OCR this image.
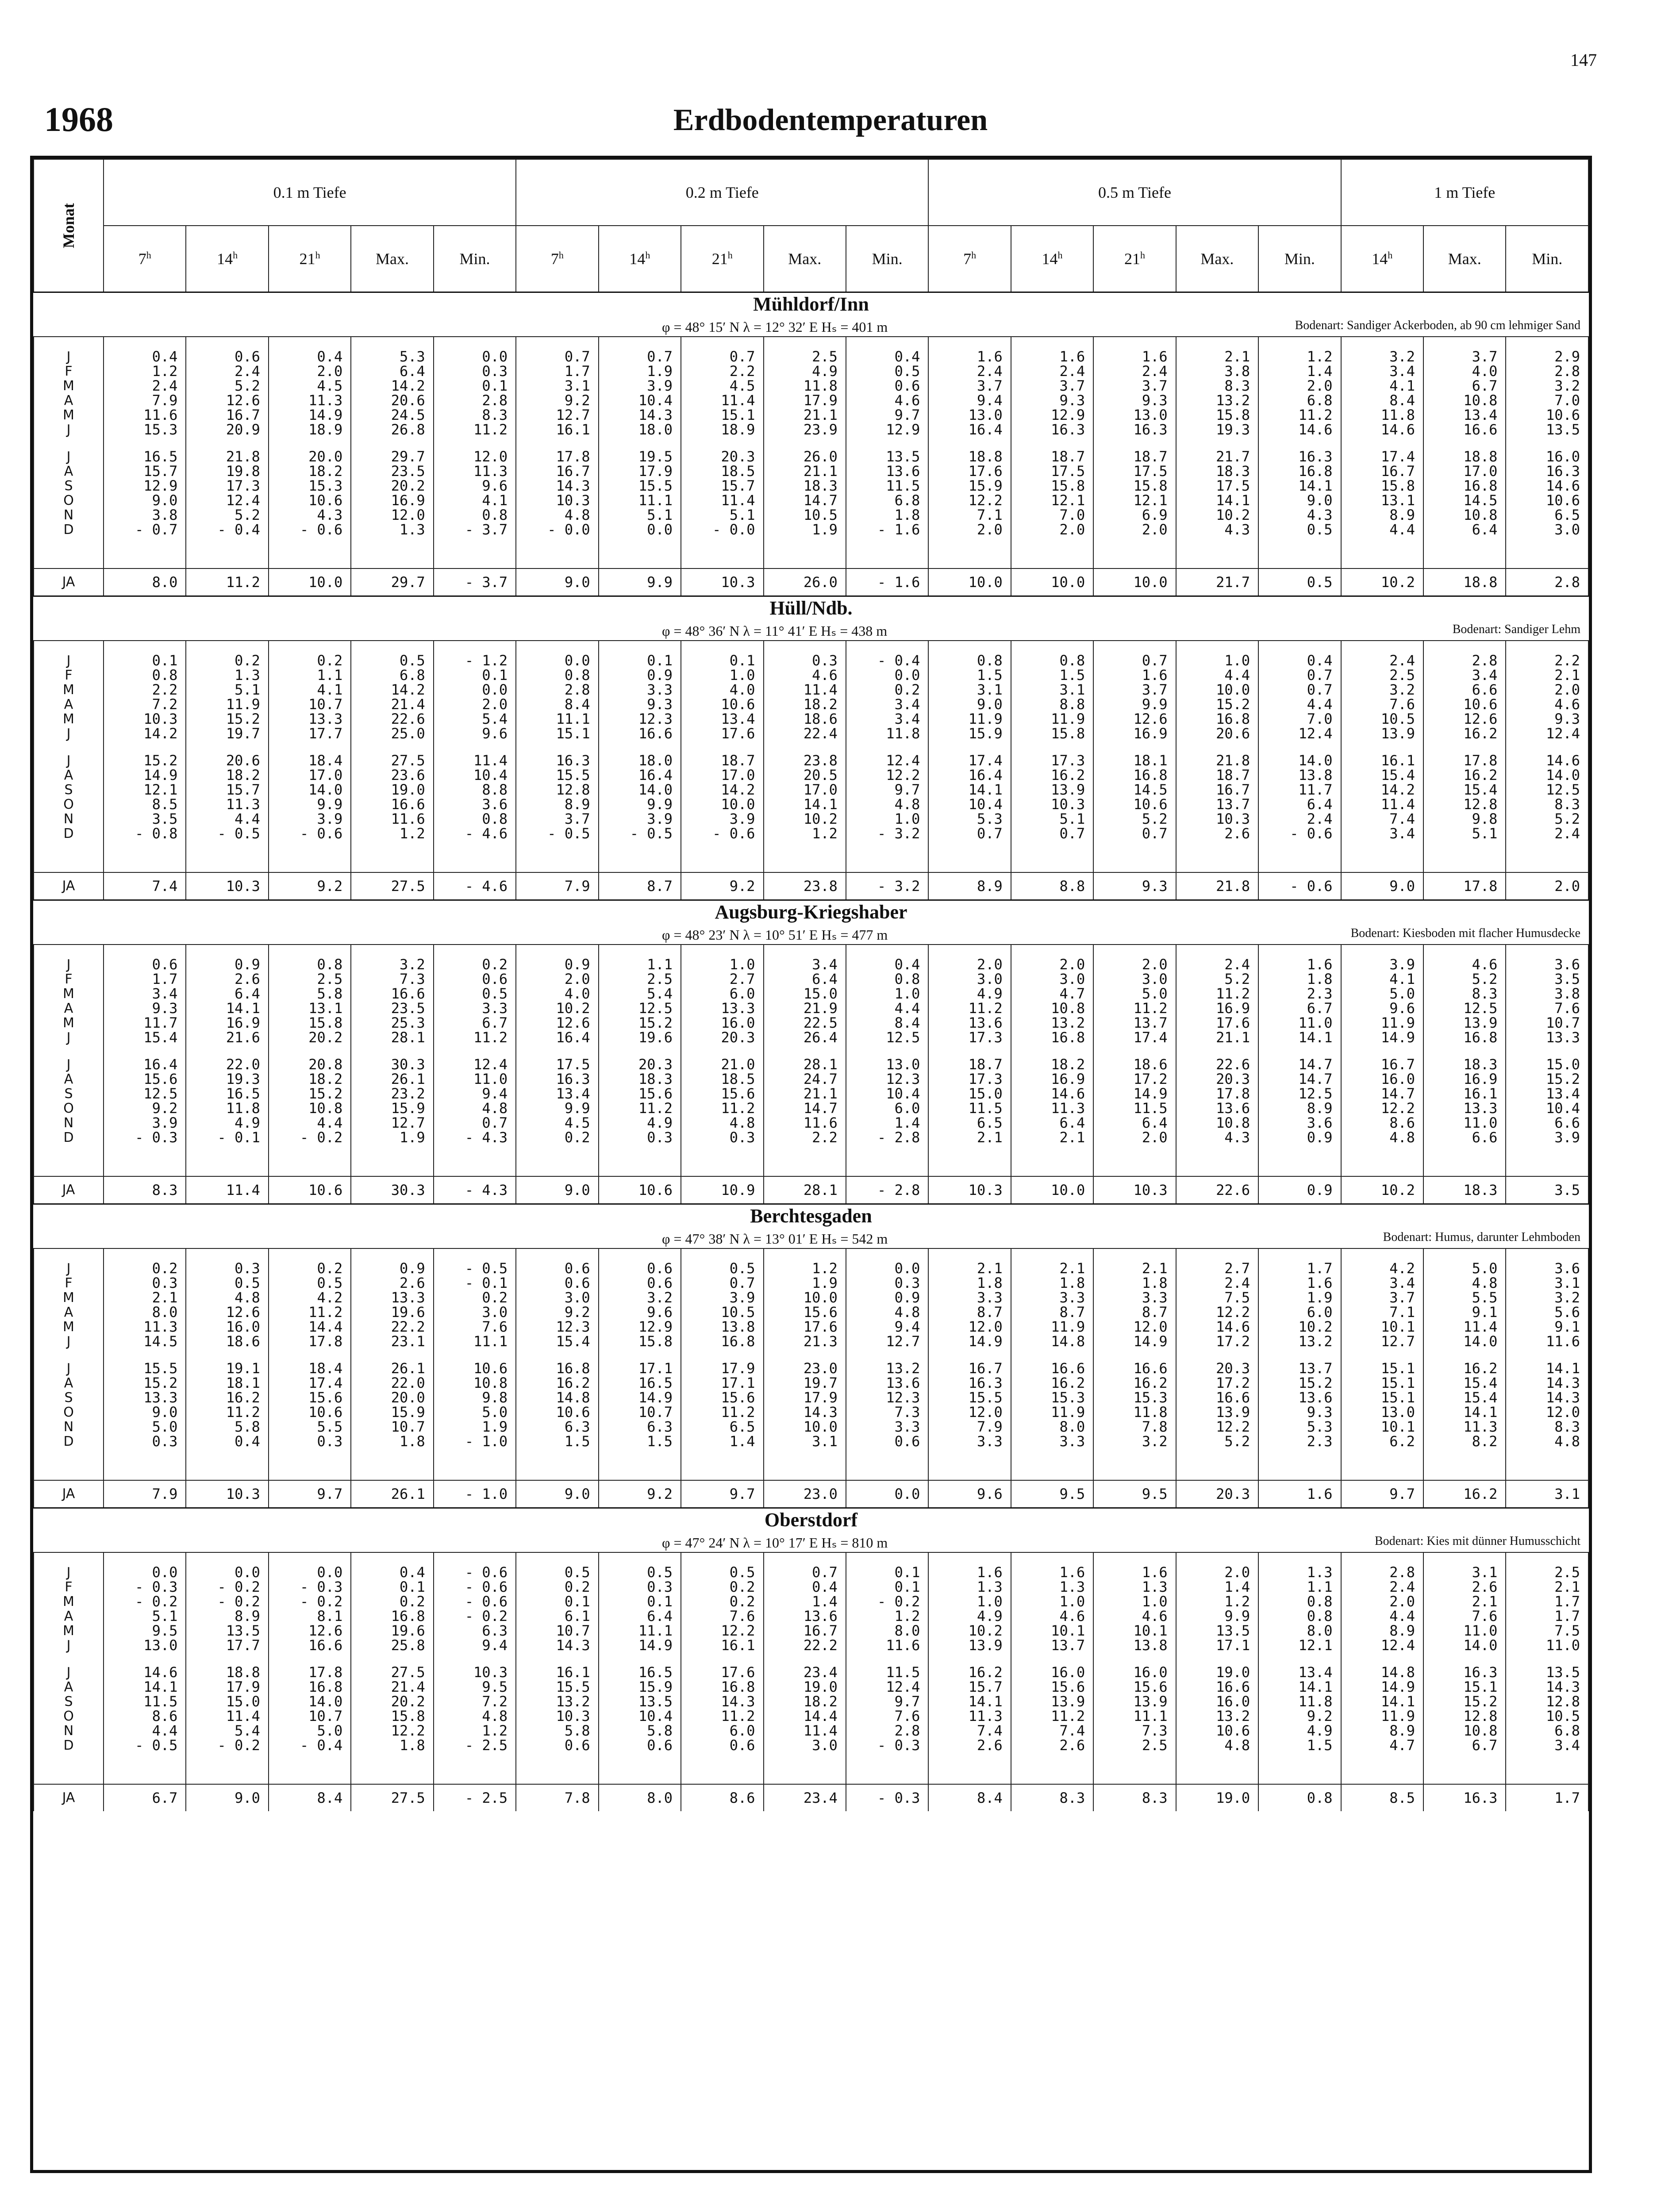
147
1968	Erdbodentemperaturen
Monat	0.1 m Tiefe					0.2 m Tiefe					0.5 m Tiefe					1 m Tiefe		
	7$^h$	14$^h$	21$^h$	Max.	Min.	7$^h$	14$^h$	21$^h$	Max.	Min.	7$^h$	14$^h$	21$^h$	Max.	Min.	14$^h$	Max.	Min.
Mühldorf/Inn																		

φ = 48° 15′ N λ = 12° 32′ E Hₛ = 401 m Bodenart: Sandiger Ackerboden, ab 90 cm lehmiger Sand																		

J	0.4	0.6	0.4	5.3	0.0	0.7	0.7	0.7	2.5	0.4	1.6	1.6	1.6	2.1	1.2	3.2	3.7	2.9
F	1.2	2.4	2.0	6.4	0.3	1.7	1.9	2.2	4.9	0.5	2.4	2.4	2.4	3.8	1.4	3.4	4.0	2.8
M	2.4	5.2	4.5	14.2	0.1	3.1	3.9	4.5	11.8	0.6	3.7	3.7	3.7	8.3	2.0	4.1	6.7	3.2
A	7.9	12.6	11.3	20.6	2.8	9.2	10.4	11.4	17.9	4.6	9.4	9.3	9.3	13.2	6.8	8.4	10.8	7.0
M	11.6	16.7	14.9	24.5	8.3	12.7	14.3	15.1	21.1	9.7	13.0	12.9	13.0	15.8	11.2	11.8	13.4	10.6
J	15.3	20.9	18.9	26.8	11.2	16.1	18.0	18.9	23.9	12.9	16.4	16.3	16.3	19.3	14.6	14.6	16.6	13.5

J	16.5	21.8	20.0	29.7	12.0	17.8	19.5	20.3	26.0	13.5	18.8	18.7	18.7	21.7	16.3	17.4	18.8	16.0
A	15.7	19.8	18.2	23.5	11.3	16.7	17.9	18.5	21.1	13.6	17.6	17.5	17.5	18.3	16.8	16.7	17.0	16.3
S	12.9	17.3	15.3	20.2	9.6	14.3	15.5	15.7	18.3	11.5	15.9	15.8	15.8	17.5	14.1	15.8	16.8	14.6
O	9.0	12.4	10.6	16.9	4.1	10.3	11.1	11.4	14.7	6.8	12.2	12.1	12.1	14.1	9.0	13.1	14.5	10.6
N	3.8	5.2	4.3	12.0	0.8	4.8	5.1	5.1	10.5	1.8	7.1	7.0	6.9	10.2	4.3	8.9	10.8	6.5
D	- 0.7	- 0.4	- 0.6	1.3	- 3.7	- 0.0	0.0	- 0.0	1.9	- 1.6	2.0	2.0	2.0	4.3	0.5	4.4	6.4	3.0

JA	8.0	11.2	10.0	29.7	- 3.7	9.0	9.9	10.3	26.0	- 1.6	10.0	10.0	10.0	21.7	0.5	10.2	18.8	2.8
Hüll/Ndb.																		

φ = 48° 36′ N λ = 11° 41′ E Hₛ = 438 m Bodenart: Sandiger Lehm																		

J	0.1	0.2	0.2	0.5	- 1.2	0.0	0.1	0.1	0.3	- 0.4	0.8	0.8	0.7	1.0	0.4	2.4	2.8	2.2
F	0.8	1.3	1.1	6.8	0.1	0.8	0.9	1.0	4.6	0.0	1.5	1.5	1.6	4.4	0.7	2.5	3.4	2.1
M	2.2	5.1	4.1	14.2	0.0	2.8	3.3	4.0	11.4	0.2	3.1	3.1	3.7	10.0	0.7	3.2	6.6	2.0
A	7.2	11.9	10.7	21.4	2.0	8.4	9.3	10.6	18.2	3.4	9.0	8.8	9.9	15.2	4.4	7.6	10.6	4.6
M	10.3	15.2	13.3	22.6	5.4	11.1	12.3	13.4	18.6	3.4	11.9	11.9	12.6	16.8	7.0	10.5	12.6	9.3
J	14.2	19.7	17.7	25.0	9.6	15.1	16.6	17.6	22.4	11.8	15.9	15.8	16.9	20.6	12.4	13.9	16.2	12.4

J	15.2	20.6	18.4	27.5	11.4	16.3	18.0	18.7	23.8	12.4	17.4	17.3	18.1	21.8	14.0	16.1	17.8	14.6
A	14.9	18.2	17.0	23.6	10.4	15.5	16.4	17.0	20.5	12.2	16.4	16.2	16.8	18.7	13.8	15.4	16.2	14.0
S	12.1	15.7	14.0	19.0	8.8	12.8	14.0	14.2	17.0	9.7	14.1	13.9	14.5	16.7	11.7	14.2	15.4	12.5
O	8.5	11.3	9.9	16.6	3.6	8.9	9.9	10.0	14.1	4.8	10.4	10.3	10.6	13.7	6.4	11.4	12.8	8.3
N	3.5	4.4	3.9	11.6	0.8	3.7	3.9	3.9	10.2	1.0	5.3	5.1	5.2	10.3	2.4	7.4	9.8	5.2
D	- 0.8	- 0.5	- 0.6	1.2	- 4.6	- 0.5	- 0.5	- 0.6	1.2	- 3.2	0.7	0.7	0.7	2.6	- 0.6	3.4	5.1	2.4

JA	7.4	10.3	9.2	27.5	- 4.6	7.9	8.7	9.2	23.8	- 3.2	8.9	8.8	9.3	21.8	- 0.6	9.0	17.8	2.0
Augsburg-Kriegshaber																		

φ = 48° 23′ N λ = 10° 51′ E Hₛ = 477 m Bodenart: Kiesboden mit flacher Humusdecke																		

J	0.6	0.9	0.8	3.2	0.2	0.9	1.1	1.0	3.4	0.4	2.0	2.0	2.0	2.4	1.6	3.9	4.6	3.6
F	1.7	2.6	2.5	7.3	0.6	2.0	2.5	2.7	6.4	0.8	3.0	3.0	3.0	5.2	1.8	4.1	5.2	3.5
M	3.4	6.4	5.8	16.6	0.5	4.0	5.4	6.0	15.0	1.0	4.9	4.7	5.0	11.2	2.3	5.0	8.3	3.8
A	9.3	14.1	13.1	23.5	3.3	10.2	12.5	13.3	21.9	4.4	11.2	10.8	11.2	16.9	6.7	9.6	12.5	7.6
M	11.7	16.9	15.8	25.3	6.7	12.6	15.2	16.0	22.5	8.4	13.6	13.2	13.7	17.6	11.0	11.9	13.9	10.7
J	15.4	21.6	20.2	28.1	11.2	16.4	19.6	20.3	26.4	12.5	17.3	16.8	17.4	21.1	14.1	14.9	16.8	13.3

J	16.4	22.0	20.8	30.3	12.4	17.5	20.3	21.0	28.1	13.0	18.7	18.2	18.6	22.6	14.7	16.7	18.3	15.0
A	15.6	19.3	18.2	26.1	11.0	16.3	18.3	18.5	24.7	12.3	17.3	16.9	17.2	20.3	14.7	16.0	16.9	15.2
S	12.5	16.5	15.2	23.2	9.4	13.4	15.6	15.6	21.1	10.4	15.0	14.6	14.9	17.8	12.5	14.7	16.1	13.4
O	9.2	11.8	10.8	15.9	4.8	9.9	11.2	11.2	14.7	6.0	11.5	11.3	11.5	13.6	8.9	12.2	13.3	10.4
N	3.9	4.9	4.4	12.7	0.7	4.5	4.9	4.8	11.6	1.4	6.5	6.4	6.4	10.8	3.6	8.6	11.0	6.6
D	- 0.3	- 0.1	- 0.2	1.9	- 4.3	0.2	0.3	0.3	2.2	- 2.8	2.1	2.1	2.0	4.3	0.9	4.8	6.6	3.9

JA	8.3	11.4	10.6	30.3	- 4.3	9.0	10.6	10.9	28.1	- 2.8	10.3	10.0	10.3	22.6	0.9	10.2	18.3	3.5
Berchtesgaden																		

φ = 47° 38′ N λ = 13° 01′ E Hₛ = 542 m Bodenart: Humus, darunter Lehmboden																		

J	0.2	0.3	0.2	0.9	- 0.5	0.6	0.6	0.5	1.2	0.0	2.1	2.1	2.1	2.7	1.7	4.2	5.0	3.6
F	0.3	0.5	0.5	2.6	- 0.1	0.6	0.6	0.7	1.9	0.3	1.8	1.8	1.8	2.4	1.6	3.4	4.8	3.1
M	2.1	4.8	4.2	13.3	0.2	3.0	3.2	3.9	10.0	0.9	3.3	3.3	3.3	7.5	1.9	3.7	5.5	3.2
A	8.0	12.6	11.2	19.6	3.0	9.2	9.6	10.5	15.6	4.8	8.7	8.7	8.7	12.2	6.0	7.1	9.1	5.6
M	11.3	16.0	14.4	22.2	7.6	12.3	12.9	13.8	17.6	9.4	12.0	11.9	12.0	14.6	10.2	10.1	11.4	9.1
J	14.5	18.6	17.8	23.1	11.1	15.4	15.8	16.8	21.3	12.7	14.9	14.8	14.9	17.2	13.2	12.7	14.0	11.6

J	15.5	19.1	18.4	26.1	10.6	16.8	17.1	17.9	23.0	13.2	16.7	16.6	16.6	20.3	13.7	15.1	16.2	14.1
A	15.2	18.1	17.4	22.0	10.8	16.2	16.5	17.1	19.7	13.6	16.3	16.2	16.2	17.2	15.2	15.1	15.4	14.3
S	13.3	16.2	15.6	20.0	9.8	14.8	14.9	15.6	17.9	12.3	15.5	15.3	15.3	16.6	13.6	15.1	15.4	14.3
O	9.0	11.2	10.6	15.9	5.0	10.6	10.7	11.2	14.3	7.3	12.0	11.9	11.8	13.9	9.3	13.0	14.1	12.0
N	5.0	5.8	5.5	10.7	1.9	6.3	6.3	6.5	10.0	3.3	7.9	8.0	7.8	12.2	5.3	10.1	11.3	8.3
D	0.3	0.4	0.3	1.8	- 1.0	1.5	1.5	1.4	3.1	0.6	3.3	3.3	3.2	5.2	2.3	6.2	8.2	4.8

JA	7.9	10.3	9.7	26.1	- 1.0	9.0	9.2	9.7	23.0	0.0	9.6	9.5	9.5	20.3	1.6	9.7	16.2	3.1
Oberstdorf																		

φ = 47° 24′ N λ = 10° 17′ E Hₛ = 810 m Bodenart: Kies mit dünner Humusschicht																		

J	0.0	0.0	0.0	0.4	- 0.6	0.5	0.5	0.5	0.7	0.1	1.6	1.6	1.6	2.0	1.3	2.8	3.1	2.5
F	- 0.3	- 0.2	- 0.3	0.1	- 0.6	0.2	0.3	0.2	0.4	0.1	1.3	1.3	1.3	1.4	1.1	2.4	2.6	2.1
M	- 0.2	- 0.2	- 0.2	0.2	- 0.6	0.1	0.1	0.2	1.4	- 0.2	1.0	1.0	1.0	1.2	0.8	2.0	2.1	1.7
A	5.1	8.9	8.1	16.8	- 0.2	6.1	6.4	7.6	13.6	1.2	4.9	4.6	4.6	9.9	0.8	4.4	7.6	1.7
M	9.5	13.5	12.6	19.6	6.3	10.7	11.1	12.2	16.7	8.0	10.2	10.1	10.1	13.5	8.0	8.9	11.0	7.5
J	13.0	17.7	16.6	25.8	9.4	14.3	14.9	16.1	22.2	11.6	13.9	13.7	13.8	17.1	12.1	12.4	14.0	11.0

J	14.6	18.8	17.8	27.5	10.3	16.1	16.5	17.6	23.4	11.5	16.2	16.0	16.0	19.0	13.4	14.8	16.3	13.5
A	14.1	17.9	16.8	21.4	9.5	15.5	15.9	16.8	19.0	12.4	15.7	15.6	15.6	16.6	14.1	14.9	15.1	14.3
S	11.5	15.0	14.0	20.2	7.2	13.2	13.5	14.3	18.2	9.7	14.1	13.9	13.9	16.0	11.8	14.1	15.2	12.8
O	8.6	11.4	10.7	15.8	4.8	10.3	10.4	11.2	14.4	7.6	11.3	11.2	11.1	13.2	9.2	11.9	12.8	10.5
N	4.4	5.4	5.0	12.2	1.2	5.8	5.8	6.0	11.4	2.8	7.4	7.4	7.3	10.6	4.9	8.9	10.8	6.8
D	- 0.5	- 0.2	- 0.4	1.8	- 2.5	0.6	0.6	0.6	3.0	- 0.3	2.6	2.6	2.5	4.8	1.5	4.7	6.7	3.4

JA	6.7	9.0	8.4	27.5	- 2.5	7.8	8.0	8.6	23.4	- 0.3	8.4	8.3	8.3	19.0	0.8	8.5	16.3	1.7
